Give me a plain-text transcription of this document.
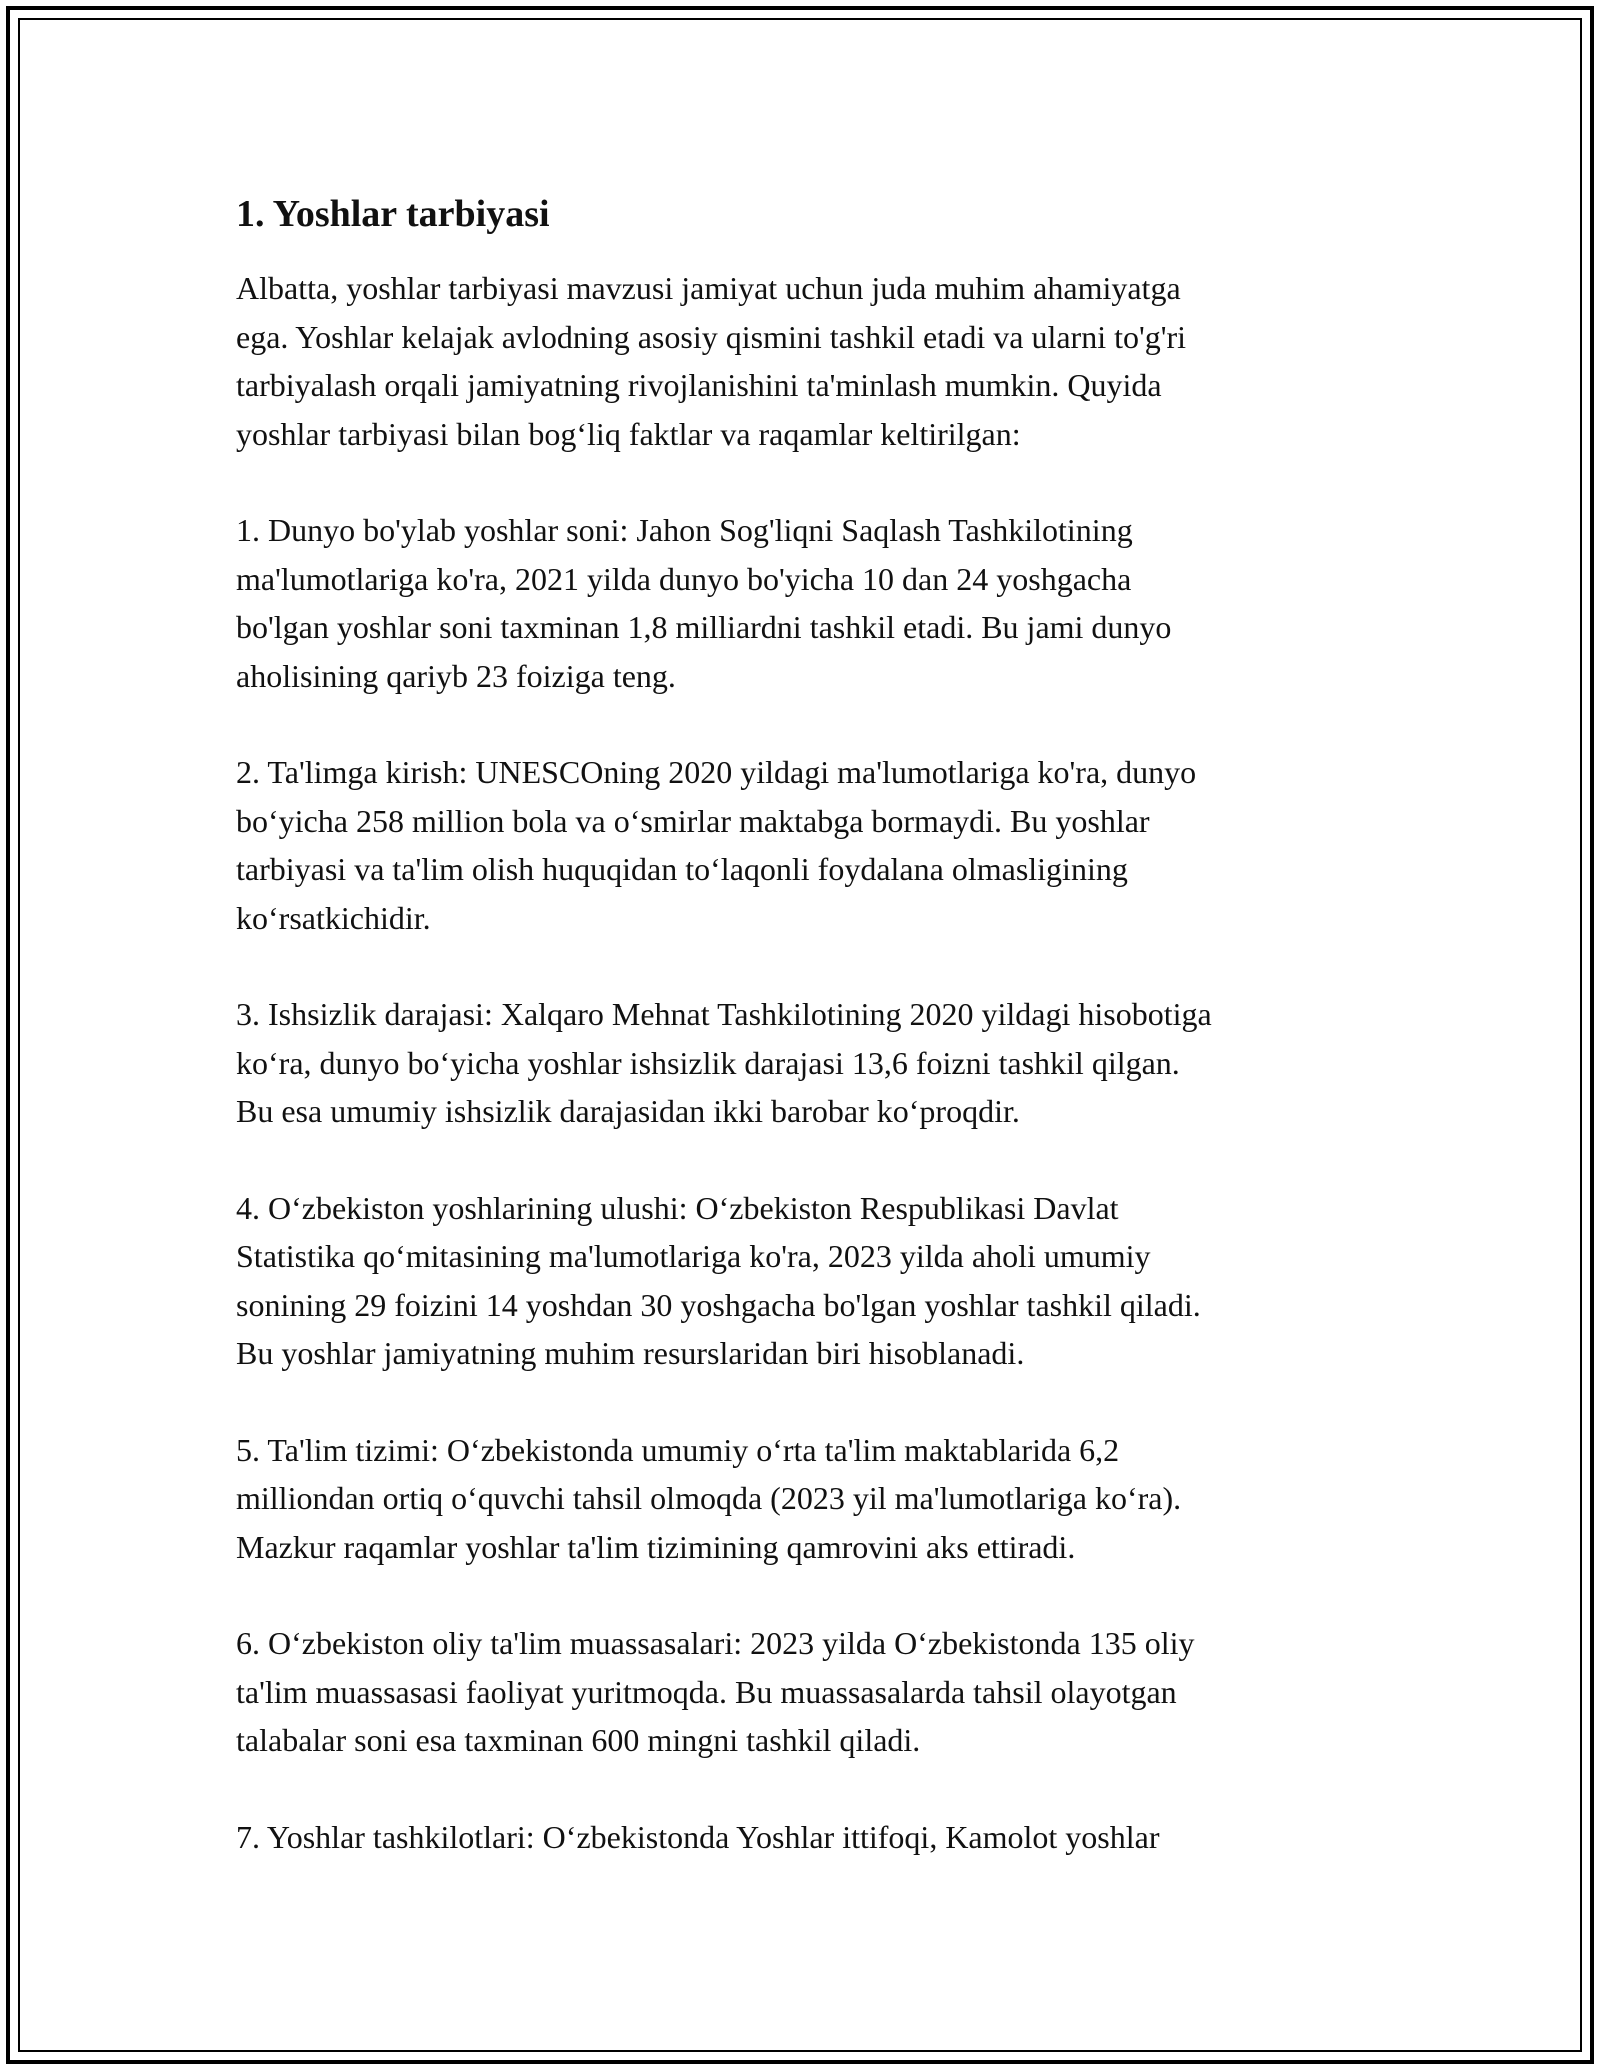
1. Yoshlar tarbiyasi

Albatta, yoshlar tarbiyasi mavzusi jamiyat uchun juda muhim ahamiyatga
ega. Yoshlar kelajak avlodning asosiy qismini tashkil etadi va ularni to'g'ri
tarbiyalash orqali jamiyatning rivojlanishini ta'minlash mumkin. Quyida
yoshlar tarbiyasi bilan bog‘liq faktlar va raqamlar keltirilgan:

1. Dunyo bo'ylab yoshlar soni: Jahon Sog'liqni Saqlash Tashkilotining
ma'lumotlariga ko'ra, 2021 yilda dunyo bo'yicha 10 dan 24 yoshgacha
bo'lgan yoshlar soni taxminan 1,8 milliardni tashkil etadi. Bu jami dunyo
aholisining qariyb 23 foiziga teng.

2. Ta'limga kirish: UNESCOning 2020 yildagi ma'lumotlariga ko'ra, dunyo
bo‘yicha 258 million bola va o‘smirlar maktabga bormaydi. Bu yoshlar
tarbiyasi va ta'lim olish huquqidan to‘laqonli foydalana olmasligining
ko‘rsatkichidir.

3. Ishsizlik darajasi: Xalqaro Mehnat Tashkilotining 2020 yildagi hisobotiga
ko‘ra, dunyo bo‘yicha yoshlar ishsizlik darajasi 13,6 foizni tashkil qilgan.
Bu esa umumiy ishsizlik darajasidan ikki barobar ko‘proqdir.

4. O‘zbekiston yoshlarining ulushi: O‘zbekiston Respublikasi Davlat
Statistika qo‘mitasining ma'lumotlariga ko'ra, 2023 yilda aholi umumiy
sonining 29 foizini 14 yoshdan 30 yoshgacha bo'lgan yoshlar tashkil qiladi.
Bu yoshlar jamiyatning muhim resurslaridan biri hisoblanadi.

5. Ta'lim tizimi: O‘zbekistonda umumiy o‘rta ta'lim maktablarida 6,2
milliondan ortiq o‘quvchi tahsil olmoqda (2023 yil ma'lumotlariga ko‘ra).
Mazkur raqamlar yoshlar ta'lim tizimining qamrovini aks ettiradi.

6. O‘zbekiston oliy ta'lim muassasalari: 2023 yilda O‘zbekistonda 135 oliy
ta'lim muassasasi faoliyat yuritmoqda. Bu muassasalarda tahsil olayotgan
talabalar soni esa taxminan 600 mingni tashkil qiladi.

7. Yoshlar tashkilotlari: O‘zbekistonda Yoshlar ittifoqi, Kamolot yoshlar
